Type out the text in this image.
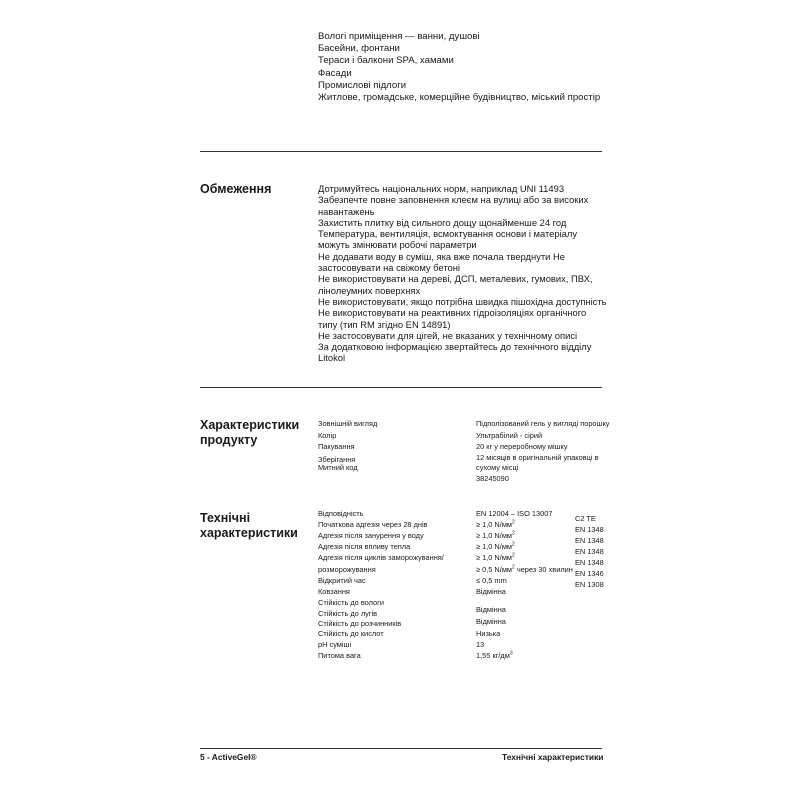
Вологі приміщення — ванни, душові
Басейни, фонтани
Тераси і балкони SPA, хамами
Фасади
Промислові підлоги
Житлове, громадське, комерційне будівництво, міський простір
Обмеження	Дотримуйтесь національних норм, наприклад UNI 11493
Забезпечте повне заповнення клеєм на вулиці або за високих навантажень
Захистить плитку від сильного дощу щонайменше 24 год
Температура, вентиляція, всмоктування основи і матеріалу можуть змінювати робочі параметри
Не додавати воду в суміш, яка вже почала тверднути Не застосовувати на свіжому бетоні
Не використовувати на дереві, ДСП, металевих, гумових, ПВХ, лінолеумних поверхнях
Не використовувати, якщо потрібна швидка пішохідна доступність
Не використовувати на реактивних гідроізоляціях органічного типу (тип RM згідно EN 14891)
Не застосовувати для цігей, не вказаних у технічному описі
За додатковою інформацією звертайтесь до технічного відділу Litokol
Характеристики
продукту
Зовнішній вигляд
Колір
Пакування
Зберігання
Митний код
Підполізований гель у вигляді порошку
Ультрабілий - сірий
20 кг у переробному мішку
12 місяців в оригінальній упаковці в
сухому місці
38245090
Технічні
характеристики
Відповідність
Початкова адгезія через 28 днів
Адгезія після занурення у воду
Адгезія після впливу тепла
Адгезія після циклів заморожування/
розморожування
Відкритий час
Ковзання
Стійкість до вологи
Стійкість до лугів
Стійкість до розчинників
Стійкість до кислот
pH суміші
Питома вага
EN 12004 – ISO 13007
≥ 1,0 $N/мм^2$
≥ 1,0 $N/мм^2$
≥ 1,0 $N/мм^2$
≥ 1,0 $N/мм^2$
≥ 0,5 $N/мм^2$ через 30 хвилин
≤ 0,5 mm
Відмінна
Відмінна
Відмінна
Низька
13
1,55 $кг/дм^3$
C2 TE
EN 1348
EN 1348
EN 1348
EN 1348
EN 1346
EN 1308
5 - ActiveGel®	Технічні характеристики
